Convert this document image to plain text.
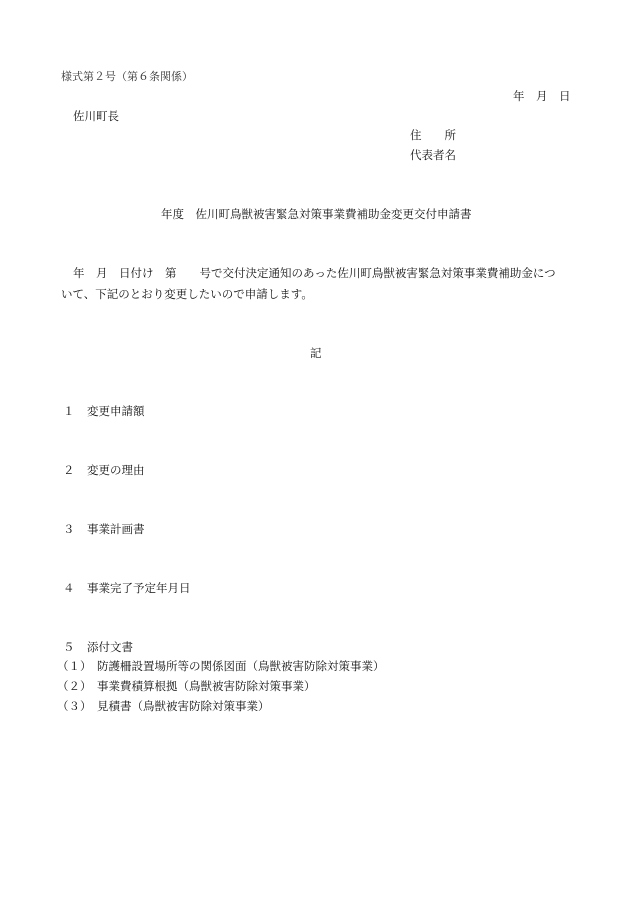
様式第２号（第６条関係）
年　月　日
佐川町長
住　　所
代表者名
年度　佐川町鳥獣被害緊急対策事業費補助金変更交付申請書
年　月　日付け　第　　号で交付決定通知のあった佐川町鳥獣被害緊急対策事業費補助金につ
いて、下記のとおり変更したいので申請します。
記
１ 変更申請額
２ 変更の理由
３ 事業計画書
４ 事業完了予定年月日
５ 添付文書
（１） 防護柵設置場所等の関係図面（鳥獣被害防除対策事業）
（２） 事業費積算根拠（鳥獣被害防除対策事業）
（３） 見積書（鳥獣被害防除対策事業）
